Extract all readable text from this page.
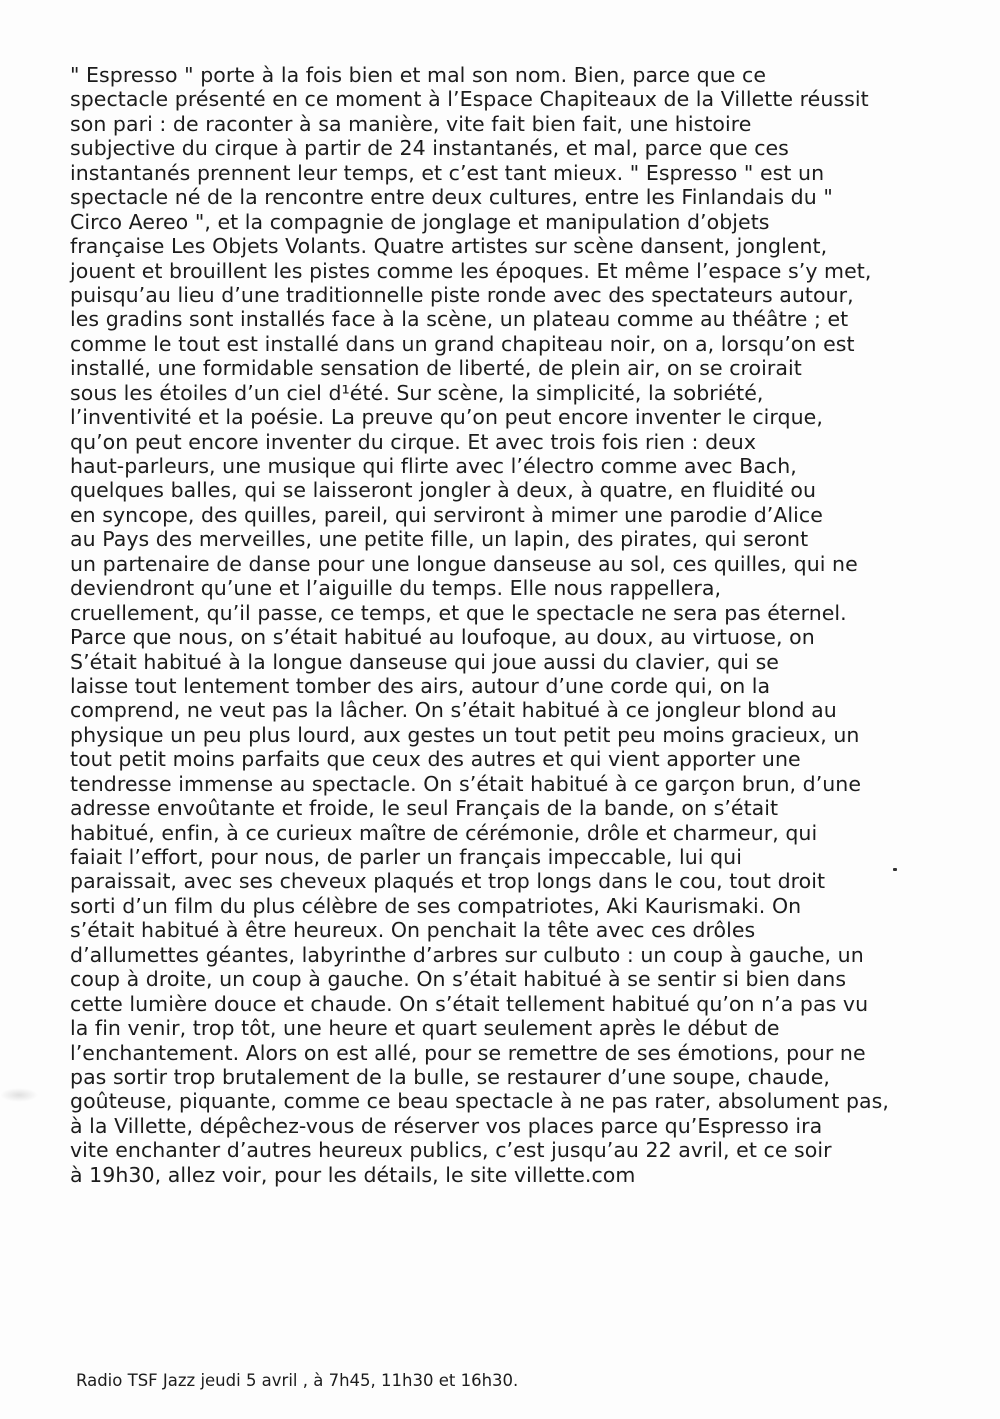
" Espresso " porte à la fois bien et mal son nom. Bien, parce que ce
spectacle présenté en ce moment à l’Espace Chapiteaux de la Villette réussit
son pari : de raconter à sa manière, vite fait bien fait, une histoire
subjective du cirque à partir de 24 instantanés, et mal, parce que ces
instantanés prennent leur temps, et c’est tant mieux. " Espresso " est un
spectacle né de la rencontre entre deux cultures, entre les Finlandais du "
Circo Aereo ", et la compagnie de jonglage et manipulation d’objets
française Les Objets Volants. Quatre artistes sur scène dansent, jonglent,
jouent et brouillent les pistes comme les époques. Et même l’espace s’y met,
puisqu’au lieu d’une traditionnelle piste ronde avec des spectateurs autour,
les gradins sont installés face à la scène, un plateau comme au théâtre ; et
comme le tout est installé dans un grand chapiteau noir, on a, lorsqu’on est
installé, une formidable sensation de liberté, de plein air, on se croirait
sous les étoiles d’un ciel d¹été. Sur scène, la simplicité, la sobriété,
l’inventivité et la poésie. La preuve qu’on peut encore inventer le cirque,
qu’on peut encore inventer du cirque. Et avec trois fois rien : deux
haut-parleurs, une musique qui flirte avec l’électro comme avec Bach,
quelques balles, qui se laisseront jongler à deux, à quatre, en fluidité ou
en syncope, des quilles, pareil, qui serviront à mimer une parodie d’Alice
au Pays des merveilles, une petite fille, un lapin, des pirates, qui seront
un partenaire de danse pour une longue danseuse au sol, ces quilles, qui ne
deviendront qu’une et l’aiguille du temps. Elle nous rappellera,
cruellement, qu’il passe, ce temps, et que le spectacle ne sera pas éternel.
Parce que nous, on s’était habitué au loufoque, au doux, au virtuose, on
S’était habitué à la longue danseuse qui joue aussi du clavier, qui se
laisse tout lentement tomber des airs, autour d’une corde qui, on la
comprend, ne veut pas la lâcher. On s’était habitué à ce jongleur blond au
physique un peu plus lourd, aux gestes un tout petit peu moins gracieux, un
tout petit moins parfaits que ceux des autres et qui vient apporter une
tendresse immense au spectacle. On s’était habitué à ce garçon brun, d’une
adresse envoûtante et froide, le seul Français de la bande, on s’était
habitué, enfin, à ce curieux maître de cérémonie, drôle et charmeur, qui
faiait l’effort, pour nous, de parler un français impeccable, lui qui
paraissait, avec ses cheveux plaqués et trop longs dans le cou, tout droit
sorti d’un film du plus célèbre de ses compatriotes, Aki Kaurismaki. On
s’était habitué à être heureux. On penchait la tête avec ces drôles
d’allumettes géantes, labyrinthe d’arbres sur culbuto : un coup à gauche, un
coup à droite, un coup à gauche. On s’était habitué à se sentir si bien dans
cette lumière douce et chaude. On s’était tellement habitué qu’on n’a pas vu
la fin venir, trop tôt, une heure et quart seulement après le début de
l’enchantement. Alors on est allé, pour se remettre de ses émotions, pour ne
pas sortir trop brutalement de la bulle, se restaurer d’une soupe, chaude,
goûteuse, piquante, comme ce beau spectacle à ne pas rater, absolument pas,
à la Villette, dépêchez-vous de réserver vos places parce qu’Espresso ira
vite enchanter d’autres heureux publics, c’est jusqu’au 22 avril, et ce soir
à 19h30, allez voir, pour les détails, le site villette.com
Radio TSF Jazz jeudi 5 avril , à 7h45, 11h30 et 16h30.
